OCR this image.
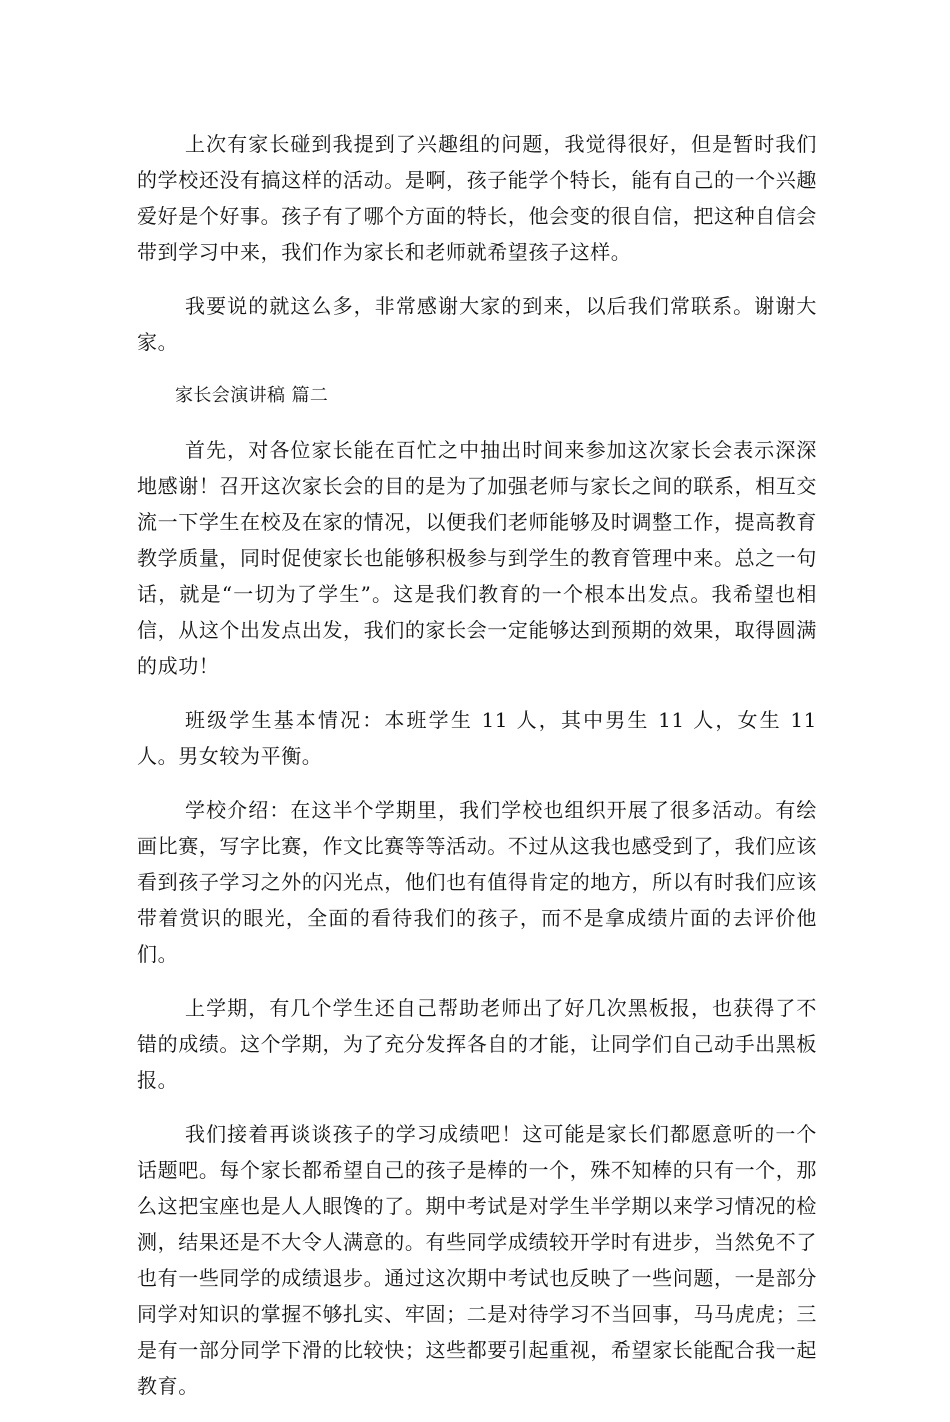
上次有家长碰到我提到了兴趣组的问题，我觉得很好，但是暂时我们的学校还没有搞这样的活动。是啊，孩子能学个特长，能有自己的一个兴趣爱好是个好事。孩子有了哪个方面的特长，他会变的很自信，把这种自信会带到学习中来，我们作为家长和老师就希望孩子这样。

我要说的就这么多，非常感谢大家的到来，以后我们常联系。谢谢大家。

家长会演讲稿 篇二

首先，对各位家长能在百忙之中抽出时间来参加这次家长会表示深深地感谢！召开这次家长会的目的是为了加强老师与家长之间的联系，相互交流一下学生在校及在家的情况，以便我们老师能够及时调整工作，提高教育教学质量，同时促使家长也能够积极参与到学生的教育管理中来。总之一句话，就是“一切为了学生”。这是我们教育的一个根本出发点。我希望也相信，从这个出发点出发，我们的家长会一定能够达到预期的效果，取得圆满的成功！

班级学生基本情况：本班学生 11 人，其中男生 11 人，女生 11 人。男女较为平衡。

学校介绍：在这半个学期里，我们学校也组织开展了很多活动。有绘画比赛，写字比赛，作文比赛等等活动。不过从这我也感受到了，我们应该看到孩子学习之外的闪光点，他们也有值得肯定的地方，所以有时我们应该带着赏识的眼光，全面的看待我们的孩子，而不是拿成绩片面的去评价他们。

上学期，有几个学生还自己帮助老师出了好几次黑板报，也获得了不错的成绩。这个学期，为了充分发挥各自的才能，让同学们自己动手出黑板报。

我们接着再谈谈孩子的学习成绩吧！这可能是家长们都愿意听的一个话题吧。每个家长都希望自己的孩子是棒的一个，殊不知棒的只有一个，那么这把宝座也是人人眼馋的了。期中考试是对学生半学期以来学习情况的检测，结果还是不大令人满意的。有些同学成绩较开学时有进步，当然免不了也有一些同学的成绩退步。通过这次期中考试也反映了一些问题，一是部分同学对知识的掌握不够扎实、牢固；二是对待学习不当回事，马马虎虎；三是有一部分同学下滑的比较快；这些都要引起重视，希望家长能配合我一起教育。
